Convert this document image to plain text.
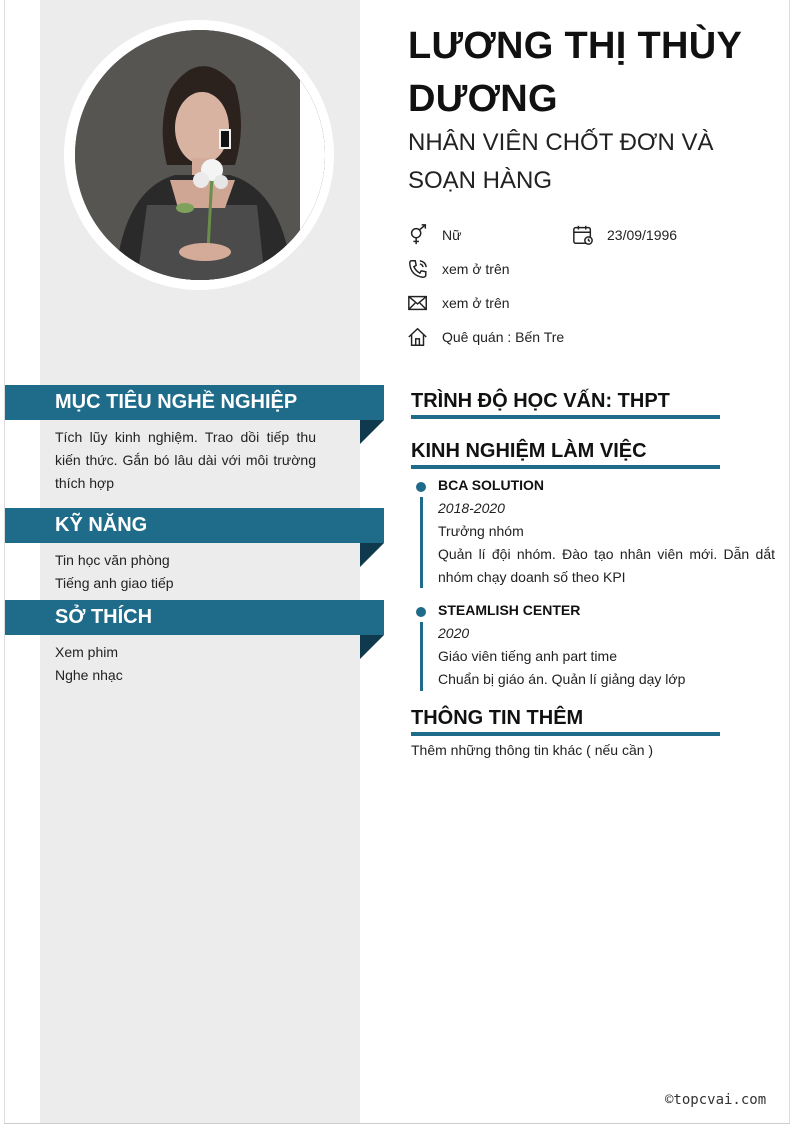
LƯƠNG THỊ THÙY DƯƠNG
NHÂN VIÊN CHỐT ĐƠN VÀ SOẠN HÀNG
Nữ	23/09/1996
xem ở trên
xem ở trên
Quê quán : Bến Tre
MỤC TIÊU NGHỀ NGHIỆP
Tích lũy kinh nghiệm. Trao dồi tiếp thu kiến thức. Gắn bó lâu dài với môi trường thích hợp
KỸ NĂNG
Tin học văn phòng
Tiếng anh giao tiếp
SỞ THÍCH
Xem phim
Nghe nhạc
TRÌNH ĐỘ HỌC VẤN: THPT
KINH NGHIỆM LÀM VIỆC
BCA SOLUTION
2018-2020
Trưởng nhóm
Quản lí đội nhóm. Đào tạo nhân viên mới. Dẫn dắt nhóm chạy doanh số theo KPI
STEAMLISH CENTER
2020
Giáo viên tiếng anh part time
Chuẩn bị giáo án. Quản lí giảng dạy lớp
THÔNG TIN THÊM
Thêm những thông tin khác ( nếu cần )
©topcvai.com
